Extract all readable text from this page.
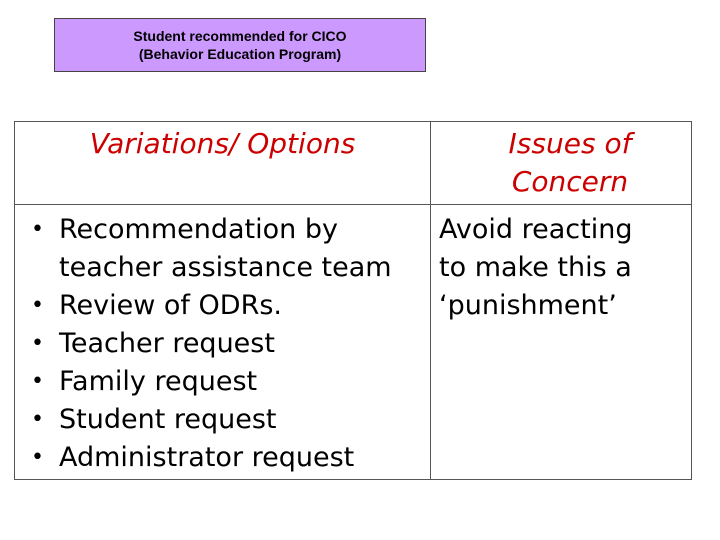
Student recommended for CICO
(Behavior Education Program)
Variations/ Options	Issues of
Concern
• Recommendation by
teacher assistance team
• Review of ODRs.
• Teacher request
• Family request
• Student request
• Administrator request
Avoid reacting
to make this a
‘punishment’
